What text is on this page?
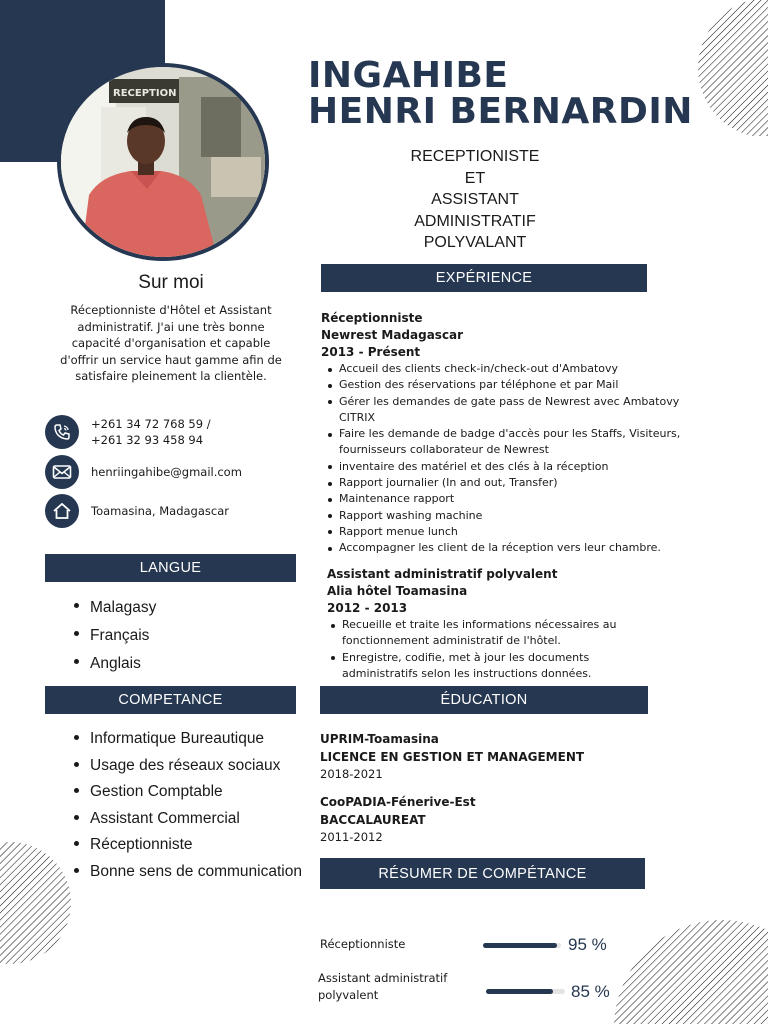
RECEPTION	INGAHIBE
HENRI BERNARDIN
RECEPTIONISTE
ET
ASSISTANT
ADMINISTRATIF
POLYVALANT
Sur moi
Réceptionniste d'Hôtel et Assistant administratif. J'ai une très bonne capacité d'organisation et capable d'offrir un service haut gamme afin de satisfaire pleinement la clientèle.
+261 34 72 768 59 /
+261 32 93 458 94
henriingahibe@gmail.com
Toamasina, Madagascar
LANGUE
Malagasy
Français
Anglais
COMPETANCE
Informatique Bureautique
Usage des réseaux sociaux
Gestion Comptable
Assistant Commercial
Réceptionniste
Bonne sens de communication
EXPÉRIENCE
Réceptionniste
Newrest Madagascar
2013 - Présent
Accueil des clients check-in/check-out d'Ambatovy
Gestion des réservations par téléphone et par Mail
Gérer les demandes de gate pass de Newrest avec Ambatovy CITRIX
Faire les demande de badge d'accès pour les Staffs, Visiteurs, fournisseurs collaborateur de Newrest
inventaire des matériel et des clés à la réception
Rapport journalier (In and out, Transfer)
Maintenance rapport
Rapport washing machine
Rapport menue lunch
Accompagner les client de la réception vers leur chambre.
Assistant administratif polyvalent
Alia hôtel Toamasina
2012 - 2013
Recueille et traite les informations nécessaires au fonctionnement administratif de l'hôtel.
Enregistre, codifie, met à jour les documents administratifs selon les instructions données.
ÉDUCATION
UPRIM-Toamasina
LICENCE EN GESTION ET MANAGEMENT
2018-2021
CooPADIA-Fénerive-Est
BACCALAUREAT
2011-2012
RÉSUMER DE COMPÉTANCE
Réceptionniste	95 %
Assistant administratif
polyvalent	85 %
